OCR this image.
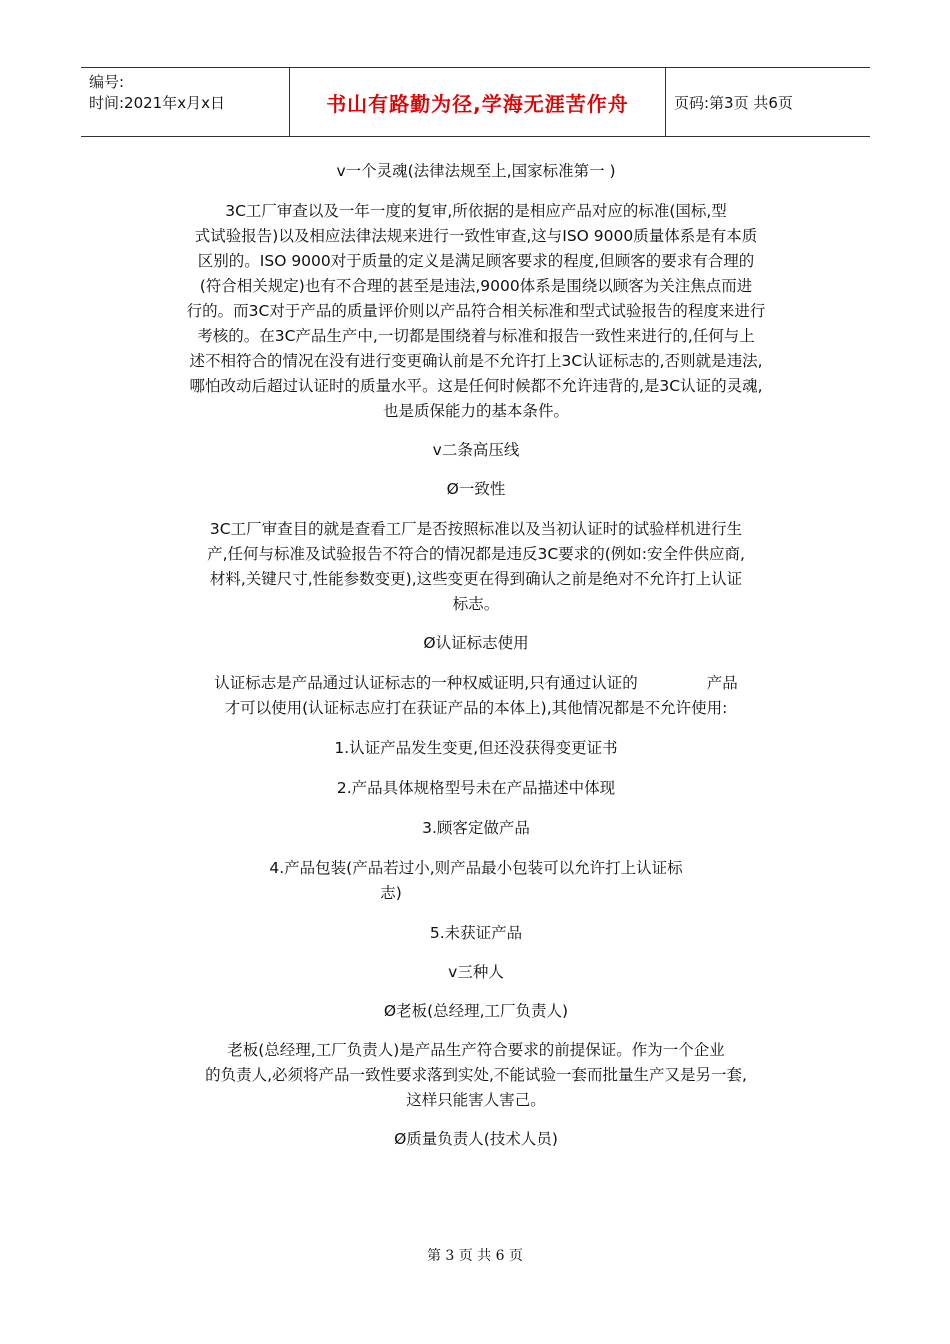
编号:
时间:2021年x月x日	书山有路勤为径,学海无涯苦作舟	页码:第3页 共6页

v一个灵魂(法律法规至上,国家标准第一 )

3C工厂审查以及一年一度的复审,所依据的是相应产品对应的标准(国标,型

式试验报告)以及相应法律法规来进行一致性审查,这与ISO 9000质量体系是有本质

区别的。ISO 9000对于质量的定义是满足顾客要求的程度,但顾客的要求有合理的

(符合相关规定)也有不合理的甚至是违法,9000体系是围绕以顾客为关注焦点而进

行的。而3C对于产品的质量评价则以产品符合相关标准和型式试验报告的程度来进行

考核的。在3C产品生产中,一切都是围绕着与标准和报告一致性来进行的,任何与上

述不相符合的情况在没有进行变更确认前是不允许打上3C认证标志的,否则就是违法,

哪怕改动后超过认证时的质量水平。这是任何时候都不允许违背的,是3C认证的灵魂,

也是质保能力的基本条件。

v二条高压线

Ø一致性

3C工厂审查目的就是查看工厂是否按照标准以及当初认证时的试验样机进行生

产,任何与标准及试验报告不符合的情况都是违反3C要求的(例如:安全件供应商,

材料,关键尺寸,性能参数变更),这些变更在得到确认之前是绝对不允许打上认证

标志。

Ø认证标志使用

认证标志是产品通过认证标志的一种权威证明,只有通过认证的              产品

才可以使用(认证标志应打在获证产品的本体上),其他情况都是不允许使用:

1.认证产品发生变更,但还没获得变更证书

2.产品具体规格型号未在产品描述中体现

3.顾客定做产品

4.产品包装(产品若过小,则产品最小包装可以允许打上认证标

志)

5.未获证产品

v三种人

Ø老板(总经理,工厂负责人)

老板(总经理,工厂负责人)是产品生产符合要求的前提保证。作为一个企业

的负责人,必须将产品一致性要求落到实处,不能试验一套而批量生产又是另一套,

这样只能害人害己。

Ø质量负责人(技术人员)

第 3 页 共 6 页
